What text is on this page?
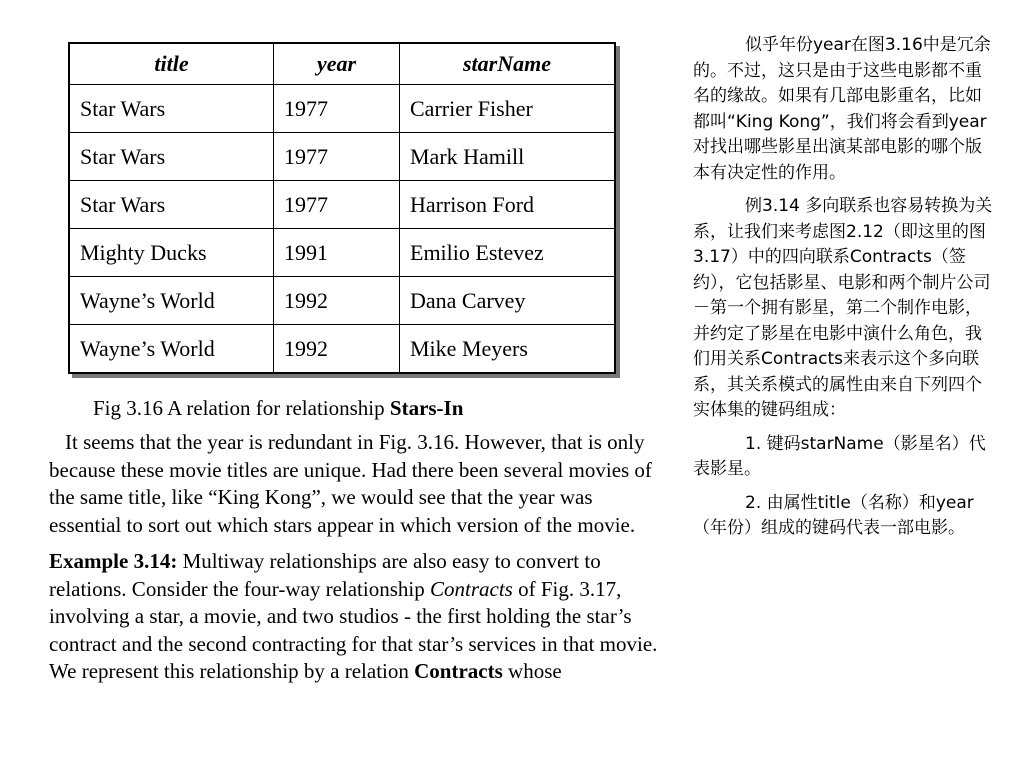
title	year	starName
Star Wars	1977	Carrier Fisher
Star Wars	1977	Mark Hamill
Star Wars	1977	Harrison Ford
Mighty Ducks	1991	Emilio Estevez
Wayne’s World	1992	Dana Carvey
Wayne’s World	1992	Mike Meyers

Fig 3.16 A relation for relationship Stars-In

It seems that the year is redundant in Fig. 3.16. However, that is only because these movie titles are unique. Had there been several movies of the same title, like “King Kong”, we would see that the year was essential to sort out which stars appear in which version of the movie.

Example 3.14: Multiway relationships are also easy to convert to relations. Consider the four-way relationship Contracts of Fig. 3.17, involving a star, a movie, and two studios - the first holding the star’s contract and the second contracting for that star’s services in that movie. We represent this relationship by a relation Contracts whose

似乎年份year在图3.16中是冗余的。不过，这只是由于这些电影都不重名的缘故。如果有几部电影重名，比如都叫“King Kong”，我们将会看到year对找出哪些影星出演某部电影的哪个版本有决定性的作用。

例3.14 多向联系也容易转换为关系，让我们来考虑图2.12（即这里的图3.17）中的四向联系Contracts（签约），它包括影星、电影和两个制片公司－第一个拥有影星，第二个制作电影，并约定了影星在电影中演什么角色，我们用关系Contracts来表示这个多向联系，其关系模式的属性由来自下列四个实体集的键码组成：

1. 键码starName（影星名）代表影星。

2. 由属性title（名称）和year（年份）组成的键码代表一部电影。
